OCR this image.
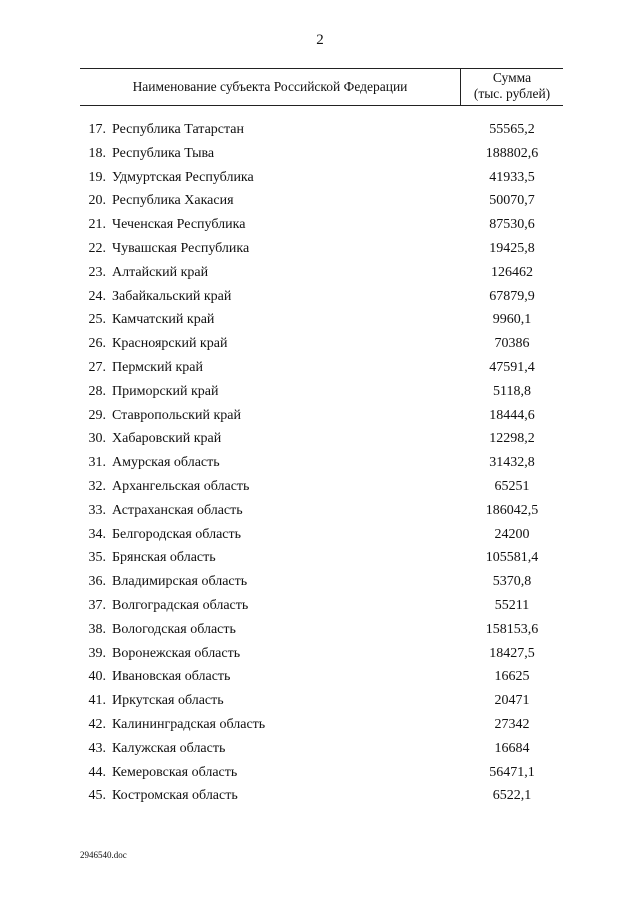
2
Наименование субъекта Российской Федерации
Сумма
(тыс. рублей)
17. Республика Татарстан	55565,2
18. Республика Тыва	188802,6
19. Удмуртская Республика	41933,5
20. Республика Хакасия	50070,7
21. Чеченская Республика	87530,6
22. Чувашская Республика	19425,8
23. Алтайский край	126462
24. Забайкальский край	67879,9
25. Камчатский край	9960,1
26. Красноярский край	70386
27. Пермский край	47591,4
28. Приморский край	5118,8
29. Ставропольский край	18444,6
30. Хабаровский край	12298,2
31. Амурская область	31432,8
32. Архангельская область	65251
33. Астраханская область	186042,5
34. Белгородская область	24200
35. Брянская область	105581,4
36. Владимирская область	5370,8
37. Волгоградская область	55211
38. Вологодская область	158153,6
39. Воронежская область	18427,5
40. Ивановская область	16625
41. Иркутская область	20471
42. Калининградская область	27342
43. Калужская область	16684
44. Кемеровская область	56471,1
45. Костромская область	6522,1
2946540.doc
